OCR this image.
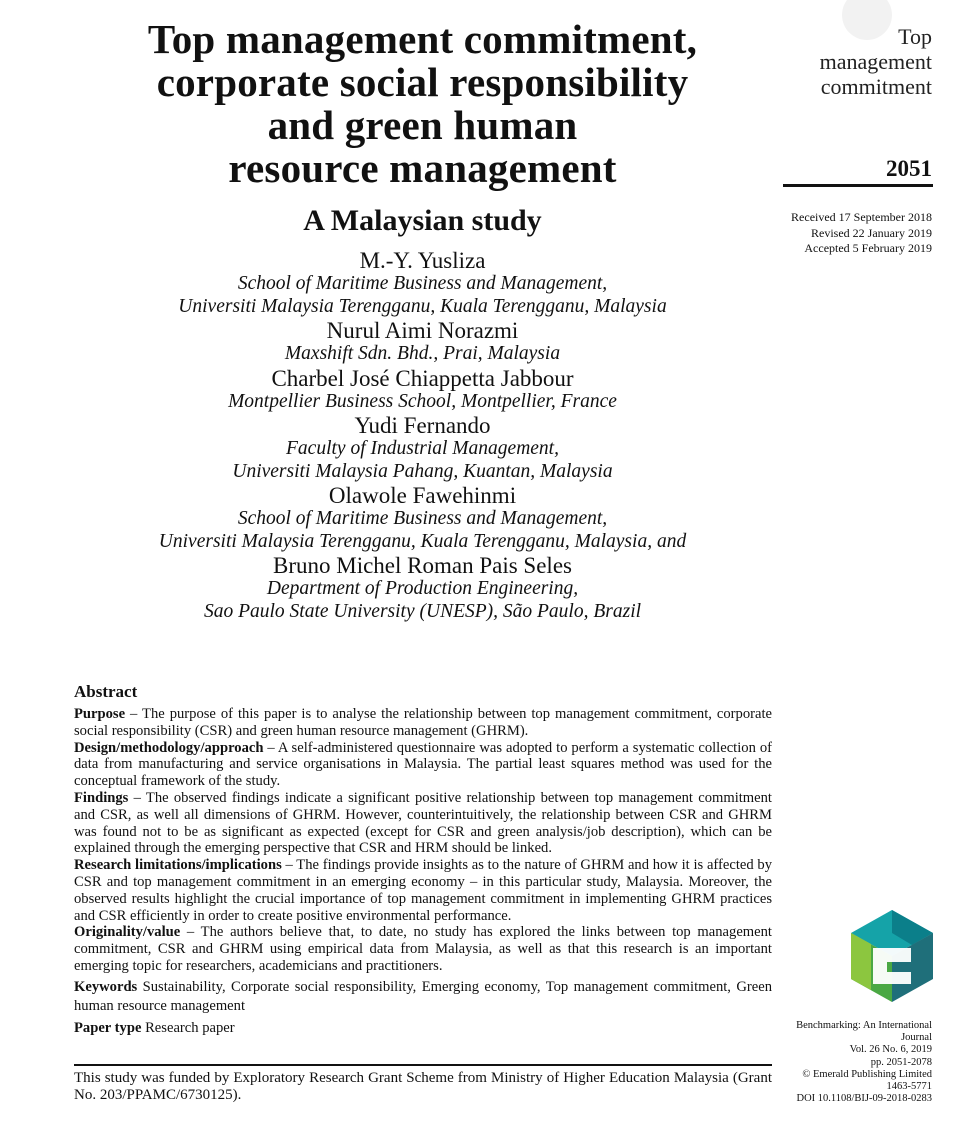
Top management commitment,
corporate social responsibility
and green human
resource management
A Malaysian study
M.-Y. Yusliza
School of Maritime Business and Management,
Universiti Malaysia Terengganu, Kuala Terengganu, Malaysia
Nurul Aimi Norazmi
Maxshift Sdn. Bhd., Prai, Malaysia
Charbel José Chiappetta Jabbour
Montpellier Business School, Montpellier, France
Yudi Fernando
Faculty of Industrial Management,
Universiti Malaysia Pahang, Kuantan, Malaysia
Olawole Fawehinmi
School of Maritime Business and Management,
Universiti Malaysia Terengganu, Kuala Terengganu, Malaysia, and
Bruno Michel Roman Pais Seles
Department of Production Engineering,
Sao Paulo State University (UNESP), São Paulo, Brazil
Top
management
commitment
2051
Received 17 September 2018
Revised 22 January 2019
Accepted 5 February 2019
Abstract

Purpose – The purpose of this paper is to analyse the relationship between top management commitment, corporate social responsibility (CSR) and green human resource management (GHRM).

Design/methodology/approach – A self-administered questionnaire was adopted to perform a systematic collection of data from manufacturing and service organisations in Malaysia. The partial least squares method was used for the conceptual framework of the study.

Findings – The observed findings indicate a significant positive relationship between top management commitment and CSR, as well all dimensions of GHRM. However, counterintuitively, the relationship between CSR and GHRM was found not to be as significant as expected (except for CSR and green analysis/job description), which can be explained through the emerging perspective that CSR and HRM should be linked.

Research limitations/implications – The findings provide insights as to the nature of GHRM and how it is affected by CSR and top management commitment in an emerging economy – in this particular study, Malaysia. Moreover, the observed results highlight the crucial importance of top management commitment in implementing GHRM practices and CSR efficiently in order to create positive environmental performance.

Originality/value – The authors believe that, to date, no study has explored the links between top management commitment, CSR and GHRM using empirical data from Malaysia, as well as that this research is an important emerging topic for researchers, academicians and practitioners.

Keywords Sustainability, Corporate social responsibility, Emerging economy, Top management commitment, Green human resource management

Paper type Research paper

This study was funded by Exploratory Research Grant Scheme from Ministry of Higher Education Malaysia (Grant No. 203/PPAMC/6730125).
Benchmarking: An International
Journal
Vol. 26 No. 6, 2019
pp. 2051-2078
© Emerald Publishing Limited
1463-5771
DOI 10.1108/BIJ-09-2018-0283
